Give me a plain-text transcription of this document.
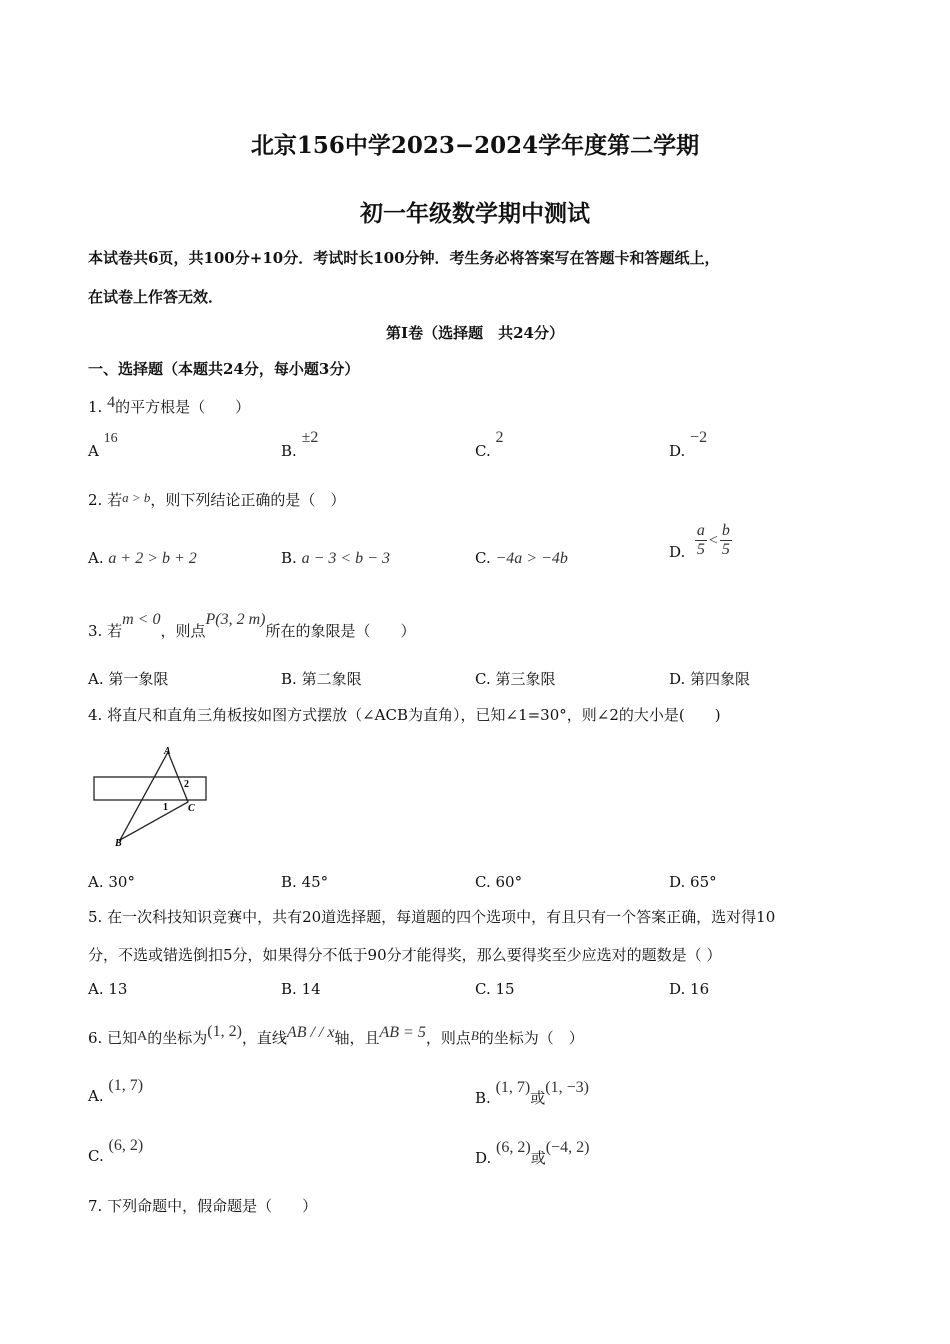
北京156中学2023−2024学年度第二学期
初一年级数学期中测试
本试卷共6页，共100分+10分．考试时长100分钟．考生务必将答案写在答题卡和答题纸上，
在试卷上作答无效．
第Ⅰ卷（选择题　共24分）
一、选择题（本题共24分，每小题3分）
1. 4的平方根是（　　）
A 16
B. ±2
C. 2
D. −2
2. 若a > b，则下列结论正确的是（　）
A. a + 2 > b + 2	B. a − 3 < b − 3	C. −4a > −4b	D. $\frac{a}{5} < \frac{b}{5}$
3. 若m < 0，则点P(3, 2 m)所在的象限是（　　）
A. 第一象限	B. 第二象限	C. 第三象限	D. 第四象限
4. 将直尺和直角三角板按如图方式摆放（∠ACB为直角），已知∠1=30°，则∠2的大小是(　　)
A
B
C
1
2
A. 30°	B. 45°	C. 60°	D. 65°
5. 在一次科技知识竞赛中，共有20道选择题，每道题的四个选项中，有且只有一个答案正确，选对得10
分，不选或错选倒扣5分，如果得分不低于90分才能得奖，那么要得奖至少应选对的题数是（ ）
A. 13	B. 14	C. 15	D. 16
6. 已知A的坐标为(1, 2)，直线AB / / x轴，且AB = 5，则点B的坐标为（　）
A. (1, 7)
B. (1, 7)或(1, −3)
C. (6, 2)
D. (6, 2)或(−4, 2)
7. 下列命题中，假命题是（　　）
